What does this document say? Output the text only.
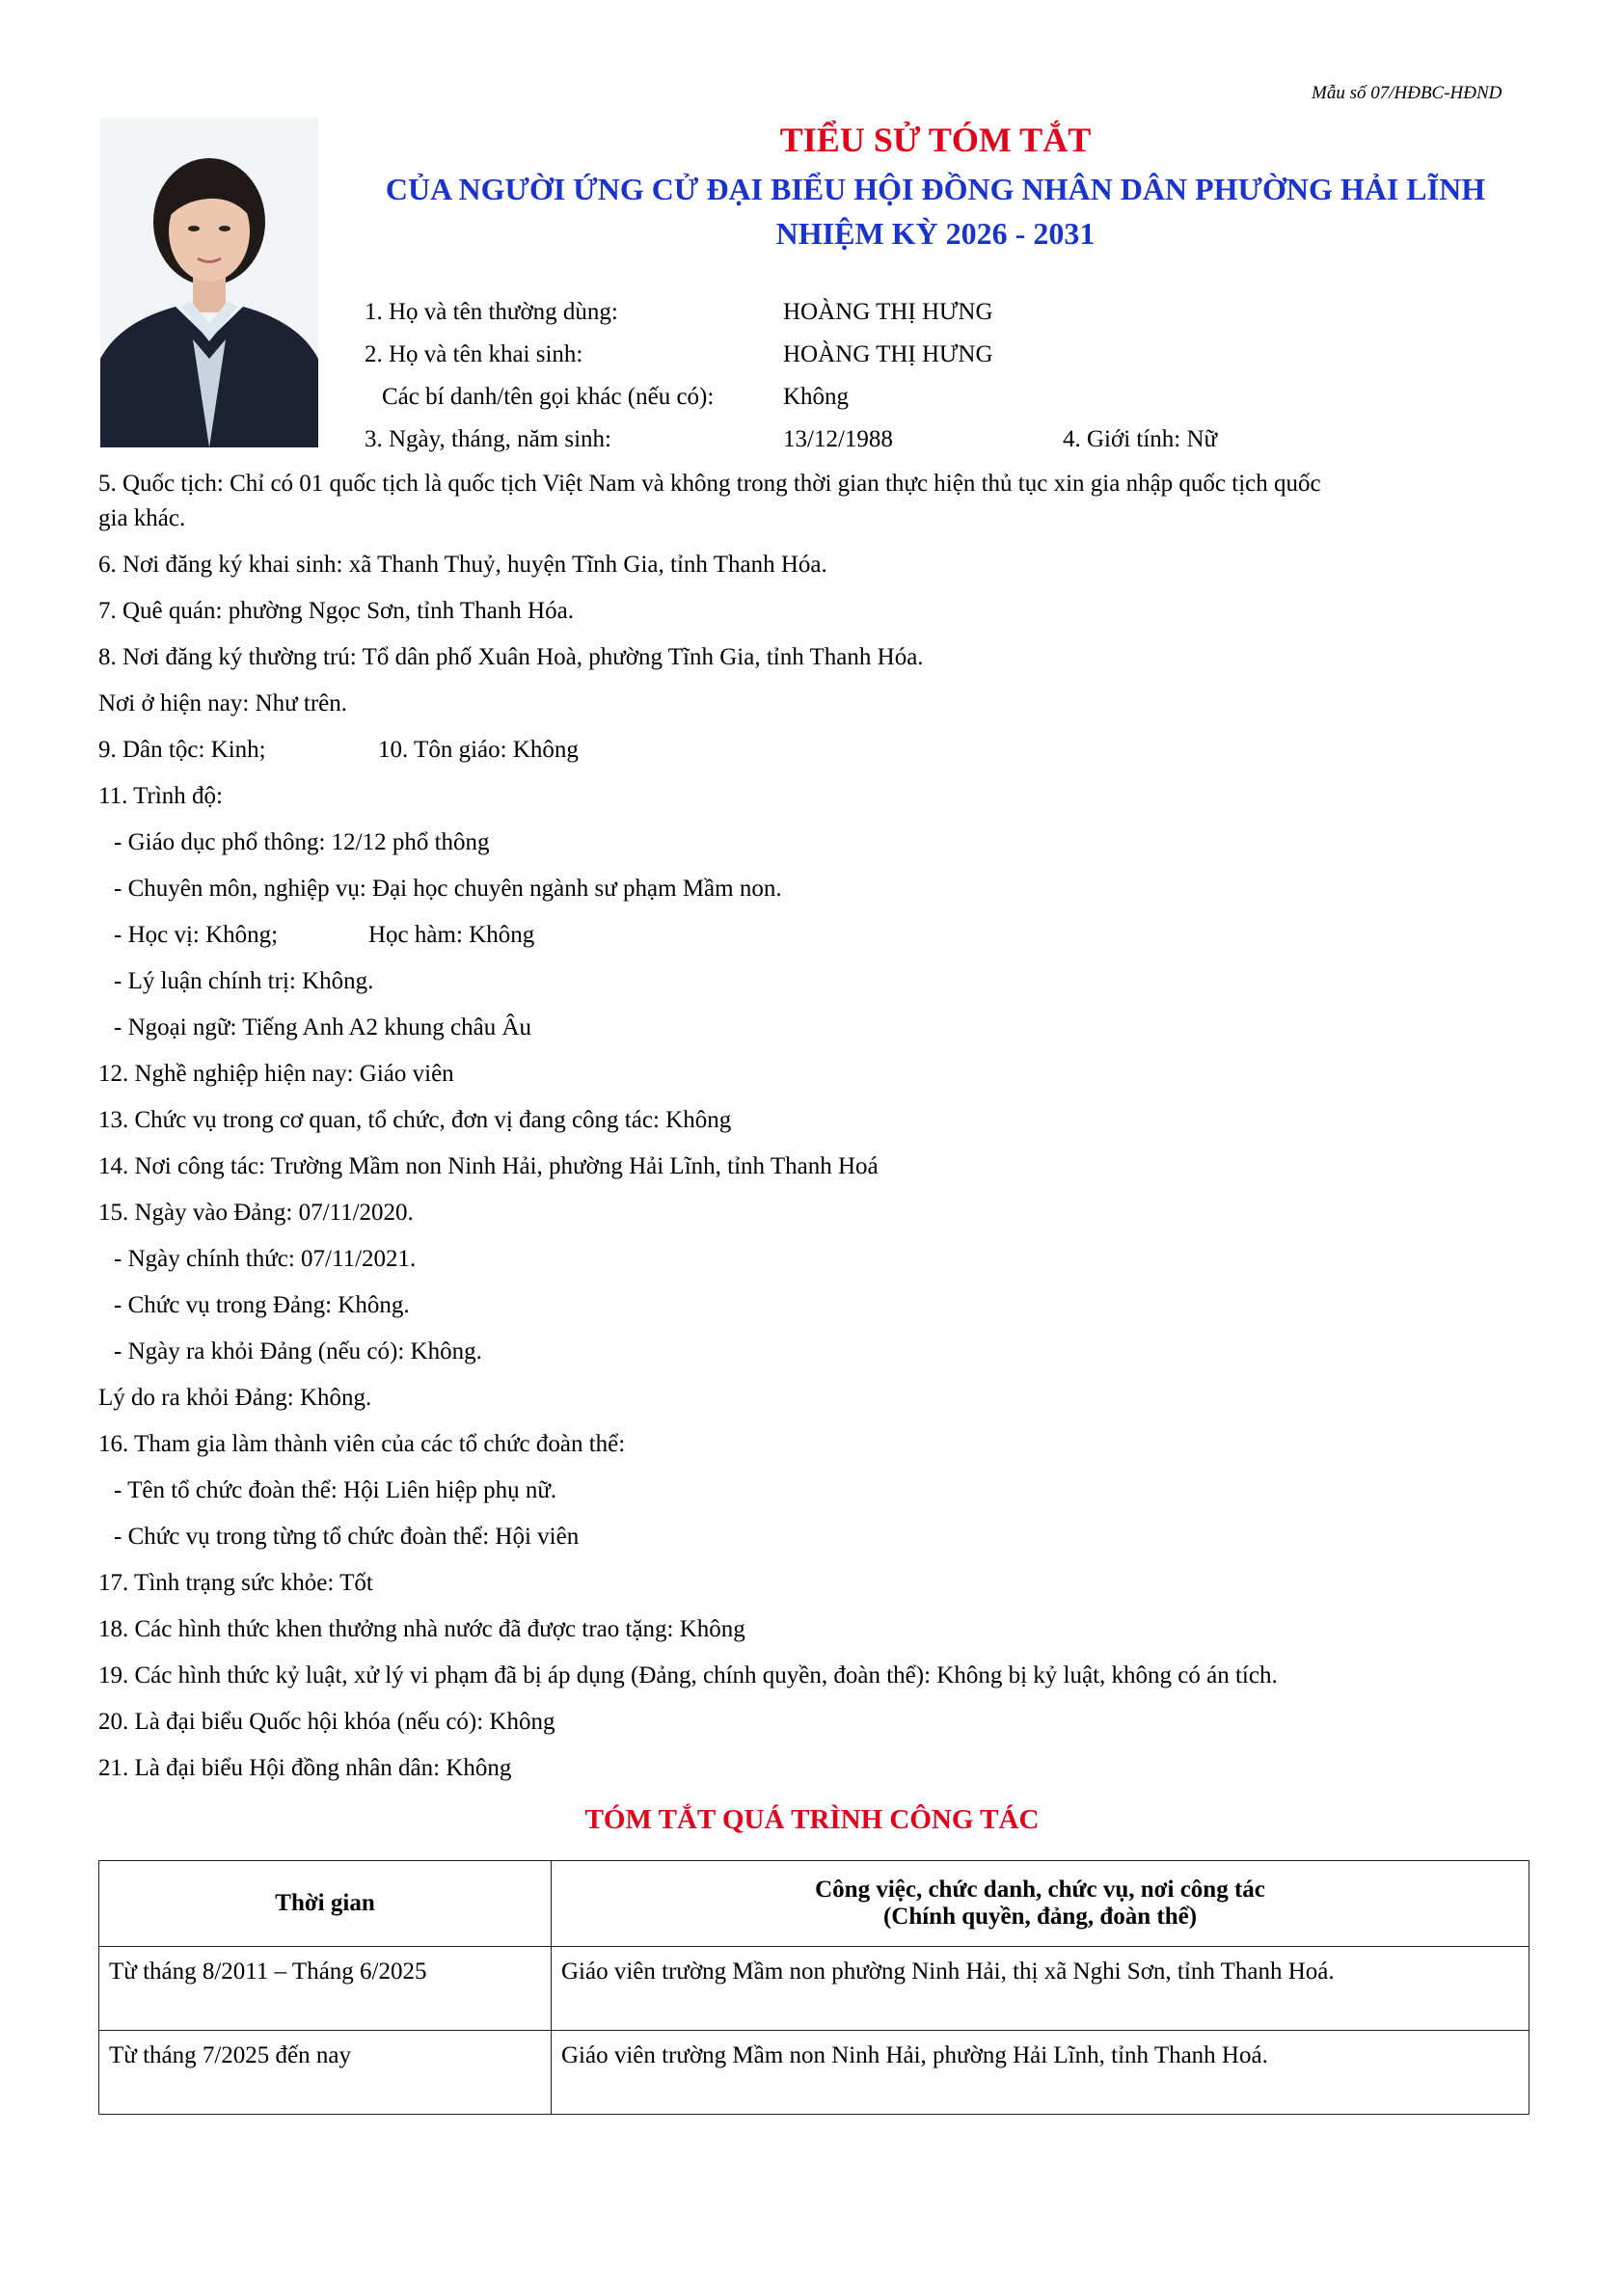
Mẫu số 07/HĐBC-HĐND
TIỂU SỬ TÓM TẮT
CỦA NGƯỜI ỨNG CỬ ĐẠI BIỂU HỘI ĐỒNG NHÂN DÂN PHƯỜNG HẢI LĨNH
NHIỆM KỲ 2026 - 2031
1. Họ và tên thường dùng:	HOÀNG THỊ HƯNG
2. Họ và tên khai sinh:	HOÀNG THỊ HƯNG
Các bí danh/tên gọi khác (nếu có):	Không
3. Ngày, tháng, năm sinh:	13/12/1988	4. Giới tính: Nữ
5. Quốc tịch: Chỉ có 01 quốc tịch là quốc tịch Việt Nam và không trong thời gian thực hiện thủ tục xin gia nhập quốc tịch quốc
gia khác.
6. Nơi đăng ký khai sinh: xã Thanh Thuỷ, huyện Tĩnh Gia, tỉnh Thanh Hóa.
7. Quê quán: phường Ngọc Sơn, tỉnh Thanh Hóa.
8. Nơi đăng ký thường trú: Tổ dân phố Xuân Hoà, phường Tĩnh Gia, tỉnh Thanh Hóa.
Nơi ở hiện nay: Như trên.
9. Dân tộc: Kinh;	10. Tôn giáo: Không
11. Trình độ:
- Giáo dục phổ thông: 12/12 phổ thông
- Chuyên môn, nghiệp vụ: Đại học chuyên ngành sư phạm Mầm non.
- Học vị: Không;	Học hàm: Không
- Lý luận chính trị: Không.
- Ngoại ngữ: Tiếng Anh A2 khung châu Âu
12. Nghề nghiệp hiện nay: Giáo viên
13. Chức vụ trong cơ quan, tổ chức, đơn vị đang công tác: Không
14. Nơi công tác: Trường Mầm non Ninh Hải, phường Hải Lĩnh, tỉnh Thanh Hoá
15. Ngày vào Đảng: 07/11/2020.
- Ngày chính thức: 07/11/2021.
- Chức vụ trong Đảng: Không.
- Ngày ra khỏi Đảng (nếu có): Không.
Lý do ra khỏi Đảng: Không.
16. Tham gia làm thành viên của các tổ chức đoàn thể:
- Tên tổ chức đoàn thể: Hội Liên hiệp phụ nữ.
- Chức vụ trong từng tổ chức đoàn thể: Hội viên
17. Tình trạng sức khỏe: Tốt
18. Các hình thức khen thưởng nhà nước đã được trao tặng: Không
19. Các hình thức kỷ luật, xử lý vi phạm đã bị áp dụng (Đảng, chính quyền, đoàn thể): Không bị kỷ luật, không có án tích.
20. Là đại biểu Quốc hội khóa (nếu có): Không
21. Là đại biểu Hội đồng nhân dân: Không
TÓM TẮT QUÁ TRÌNH CÔNG TÁC
Thời gian	Công việc, chức danh, chức vụ, nơi công tác
(Chính quyền, đảng, đoàn thể)

Từ tháng 8/2011 – Tháng 6/2025	Giáo viên trường Mầm non phường Ninh Hải, thị xã Nghi Sơn, tỉnh Thanh Hoá.
Từ tháng 7/2025 đến nay	Giáo viên trường Mầm non Ninh Hải, phường Hải Lĩnh, tỉnh Thanh Hoá.
